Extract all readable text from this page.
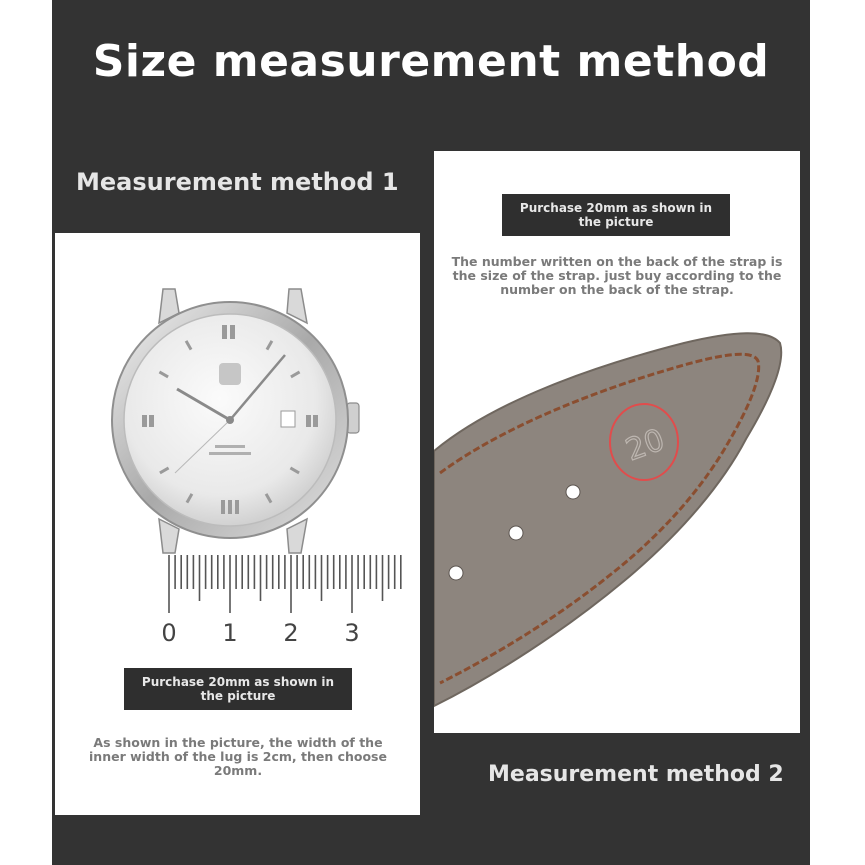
Size measurement method
Measurement method 1
0 1 2 3
Purchase 20mm as shown in the picture
As shown in the picture, the width of the inner width of the lug is 2cm, then choose 20mm.	Measurement method 2
20
Purchase 20mm as shown in the picture
The number written on the back of the strap is the size of the strap. just buy according to the number on the back of the strap.
